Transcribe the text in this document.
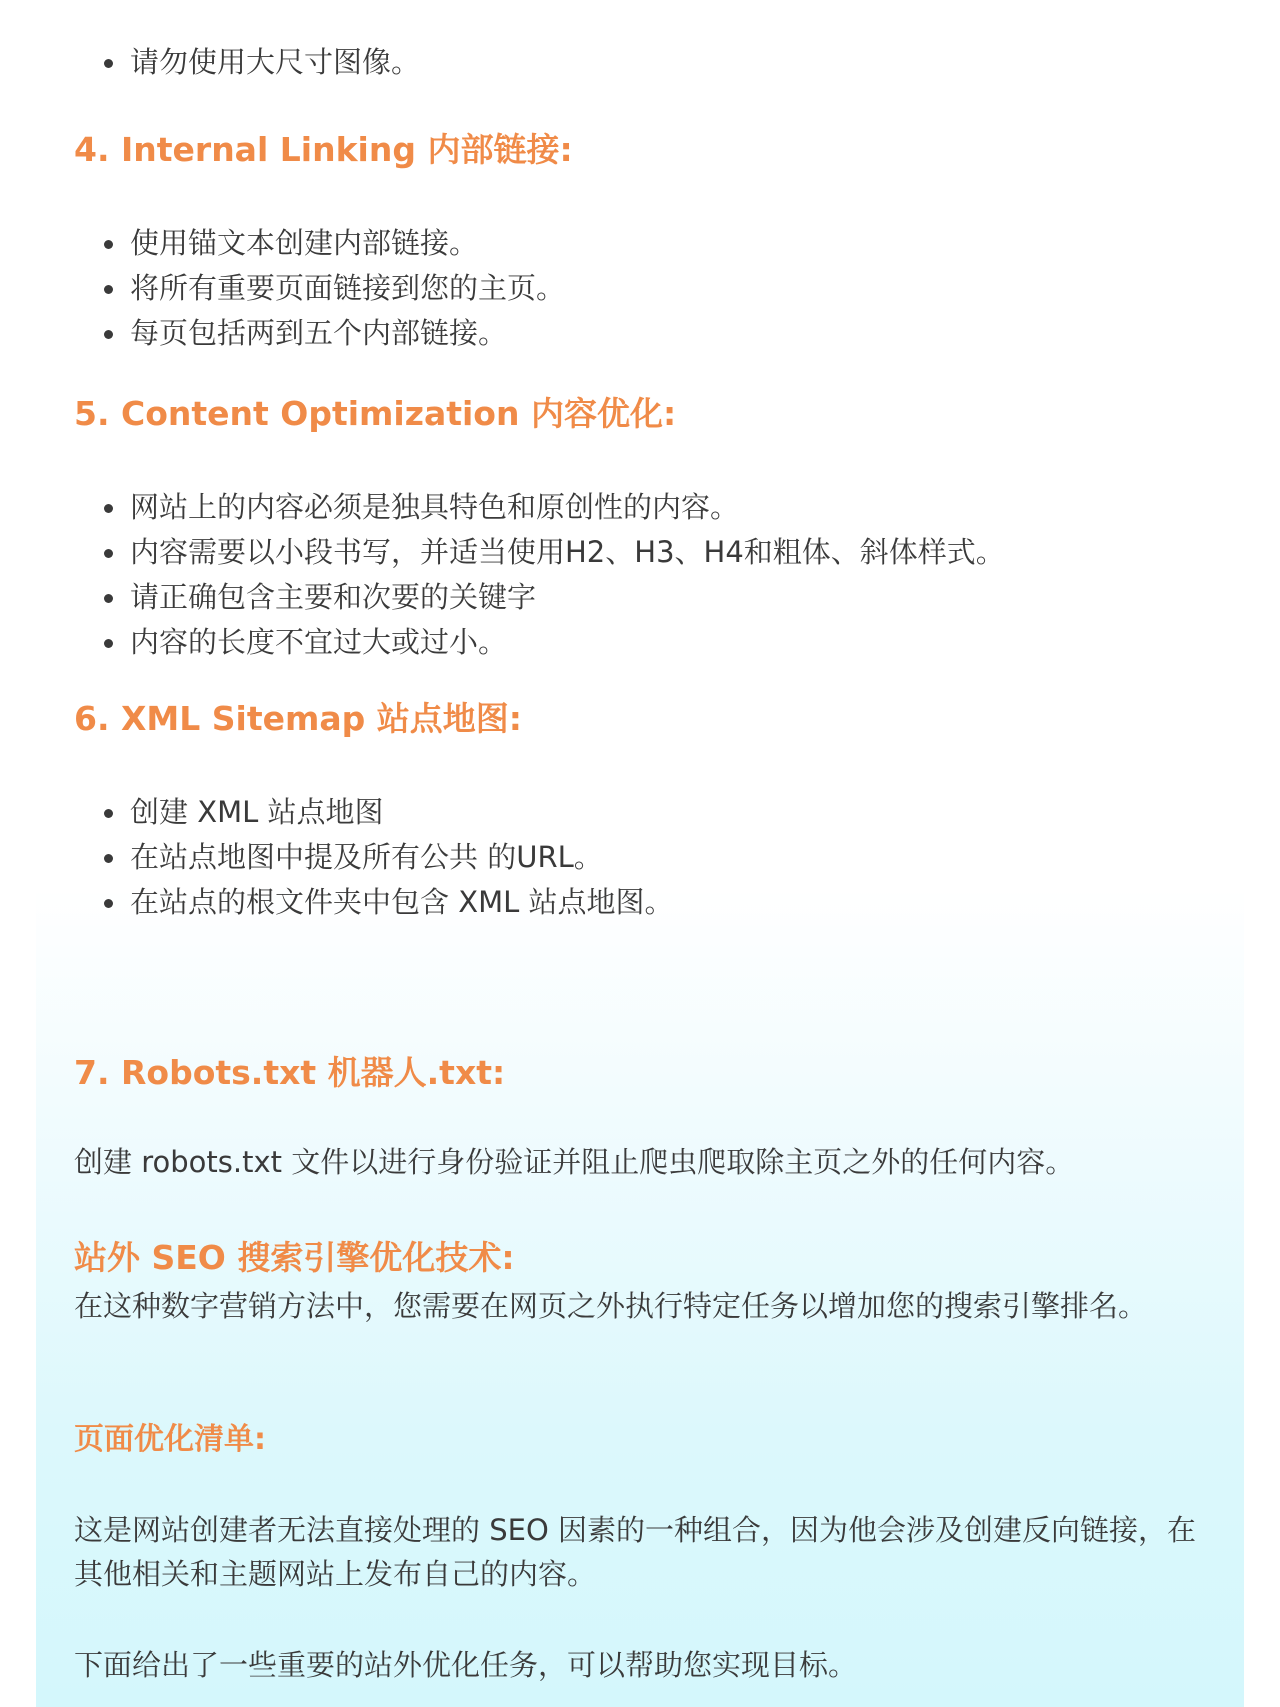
请勿使用大尺寸图像。
4. Internal Linking 内部链接:
使用锚文本创建内部链接。
将所有重要页面链接到您的主页。
每页包括两到五个内部链接。
5. Content Optimization 内容优化:
网站上的内容必须是独具特色和原创性的内容。
内容需要以小段书写，并适当使用H2、H3、H4和粗体、斜体样式。
请正确包含主要和次要的关键字
内容的长度不宜过大或过小。
6. XML Sitemap 站点地图:
创建 XML 站点地图
在站点地图中提及所有公共 的URL。
在站点的根文件夹中包含 XML 站点地图。
7. Robots.txt 机器人.txt:

创建 robots.txt 文件以进行身份验证并阻止爬虫爬取除主页之外的任何内容。

站外 SEO 搜索引擎优化技术:

在这种数字营销方法中，您需要在网页之外执行特定任务以增加您的搜索引擎排名。

页面优化清单:

这是网站创建者无法直接处理的 SEO 因素的一种组合，因为他会涉及创建反向链接，在其他相关和主题网站上发布自己的内容。

下面给出了一些重要的站外优化任务，可以帮助您实现目标。
